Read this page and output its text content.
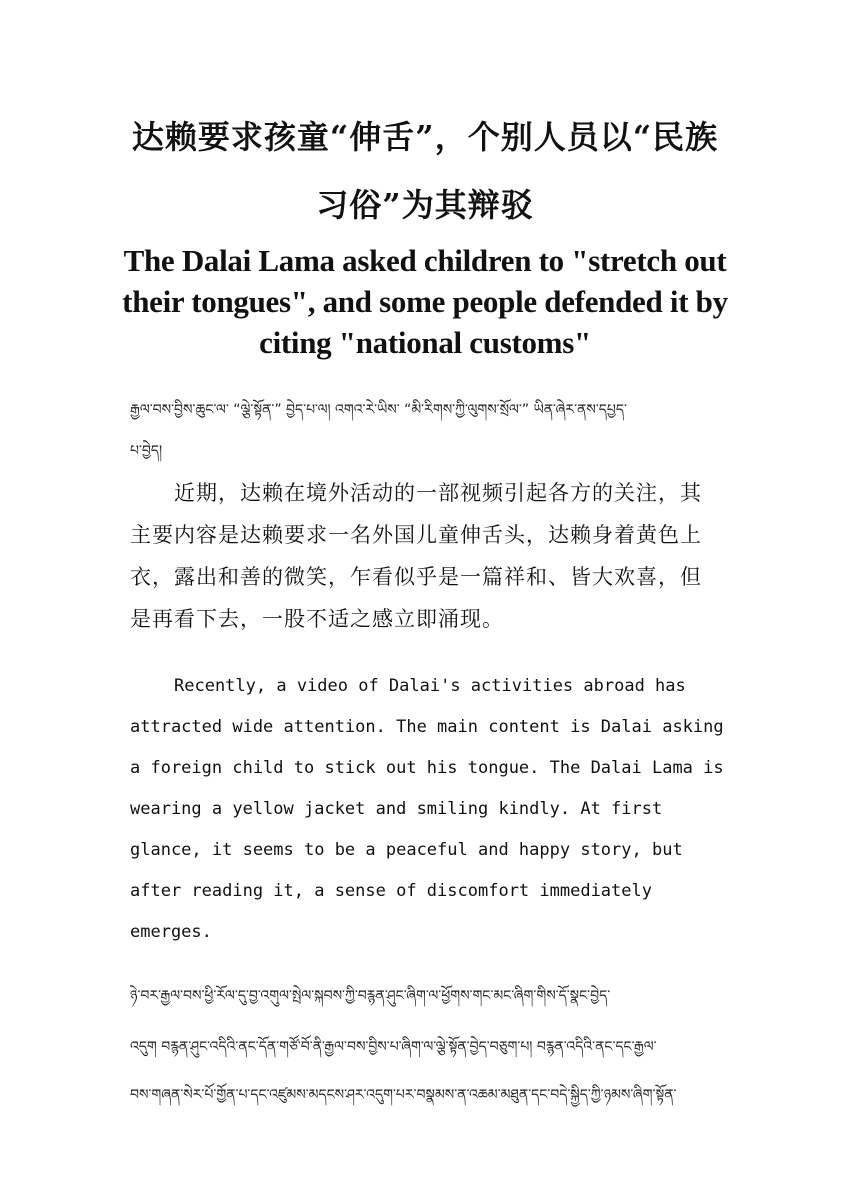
达赖要求孩童“伸舌”，个别人员以“民族
习俗”为其辩驳
The Dalai Lama asked children to "stretch out their tongues", and some people defended it by citing "national customs"
རྒྱལ་བས་བྱིས་ཆུང་ལ་ “ལྕེ་སྟོན་” བྱེད་པ་ལ། འགའ་རེ་ཡིས་ “མི་རིགས་ཀྱི་ལུགས་སྲོལ་” ཡིན་ཞེར་ནས་དཔྱད་
པ་བྱེད།
近期，达赖在境外活动的一部视频引起各方的关注，其主要内容是达赖要求一名外国儿童伸舌头，达赖身着黄色上衣，露出和善的微笑，乍看似乎是一篇祥和、皆大欢喜，但是再看下去，一股不适之感立即涌现。
Recently, a video of Dalai's activities abroad has attracted wide attention. The main content is Dalai asking a foreign child to stick out his tongue. The Dalai Lama is wearing a yellow jacket and smiling kindly. At first glance, it seems to be a peaceful and happy story, but after reading it, a sense of discomfort immediately emerges.
ཉེ་བར་རྒྱལ་བས་ཕྱི་རོལ་དུ་བྱ་འགུལ་སྤེལ་སྐབས་ཀྱི་བརྙན་ཤུང་ཞིག་ལ་ཕྱོགས་གང་མང་ཞིག་གིས་དོ་སྣང་བྱེད་
འདུག བརྙན་ཤུང་འདིའི་ནང་དོན་གཙོ་བོ་ནི་རྒྱལ་བས་བྱིས་པ་ཞིག་ལ་ལྕེ་སྟོན་བྱེད་བཅུག་པ། བརྙན་འདིའི་ནང་དང་རྒྱལ་
བས་གཞན་སེར་པོ་གྱོན་པ་དང་འཛུམས་མདངས་ཤར་འདུག་པར་བསྣམས་ན་འཆམ་མཐུན་དང་བདེ་སྐྱིད་ཀྱི་ཉམས་ཞིག་སྟོན་
